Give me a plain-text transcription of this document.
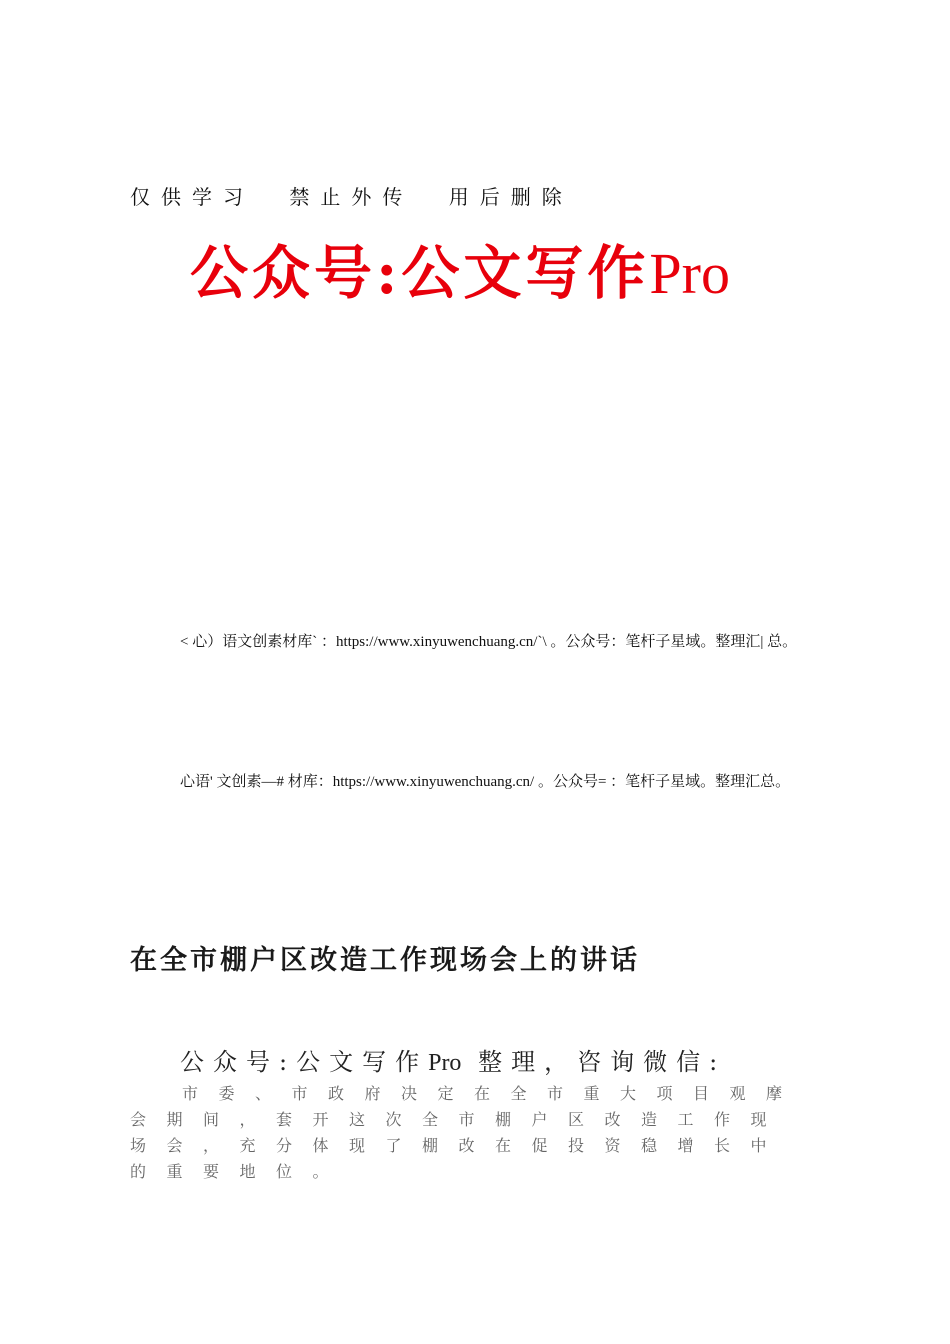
仅供学习 禁止外传 用后删除
公众号:公文写作Pro
< 心）语文创素材库` ：https://www.xinyuwenchuang.cn/`\ 。公众号：笔杆子星域。整理汇| 总。
心语' 文创素—# 材库：https://www.xinyuwenchuang.cn/ 。公众号= ：笔杆子星域。整理汇总。
在全市棚户区改造工作现场会上的讲话
公众号:公文写作Pro 整理，咨询微信:
市委、市政府决定在全市重大项目观摩会期间，套开这次全市棚户区改造工作现场会，充分体现了棚改在促投资稳增长中的重要地位。
